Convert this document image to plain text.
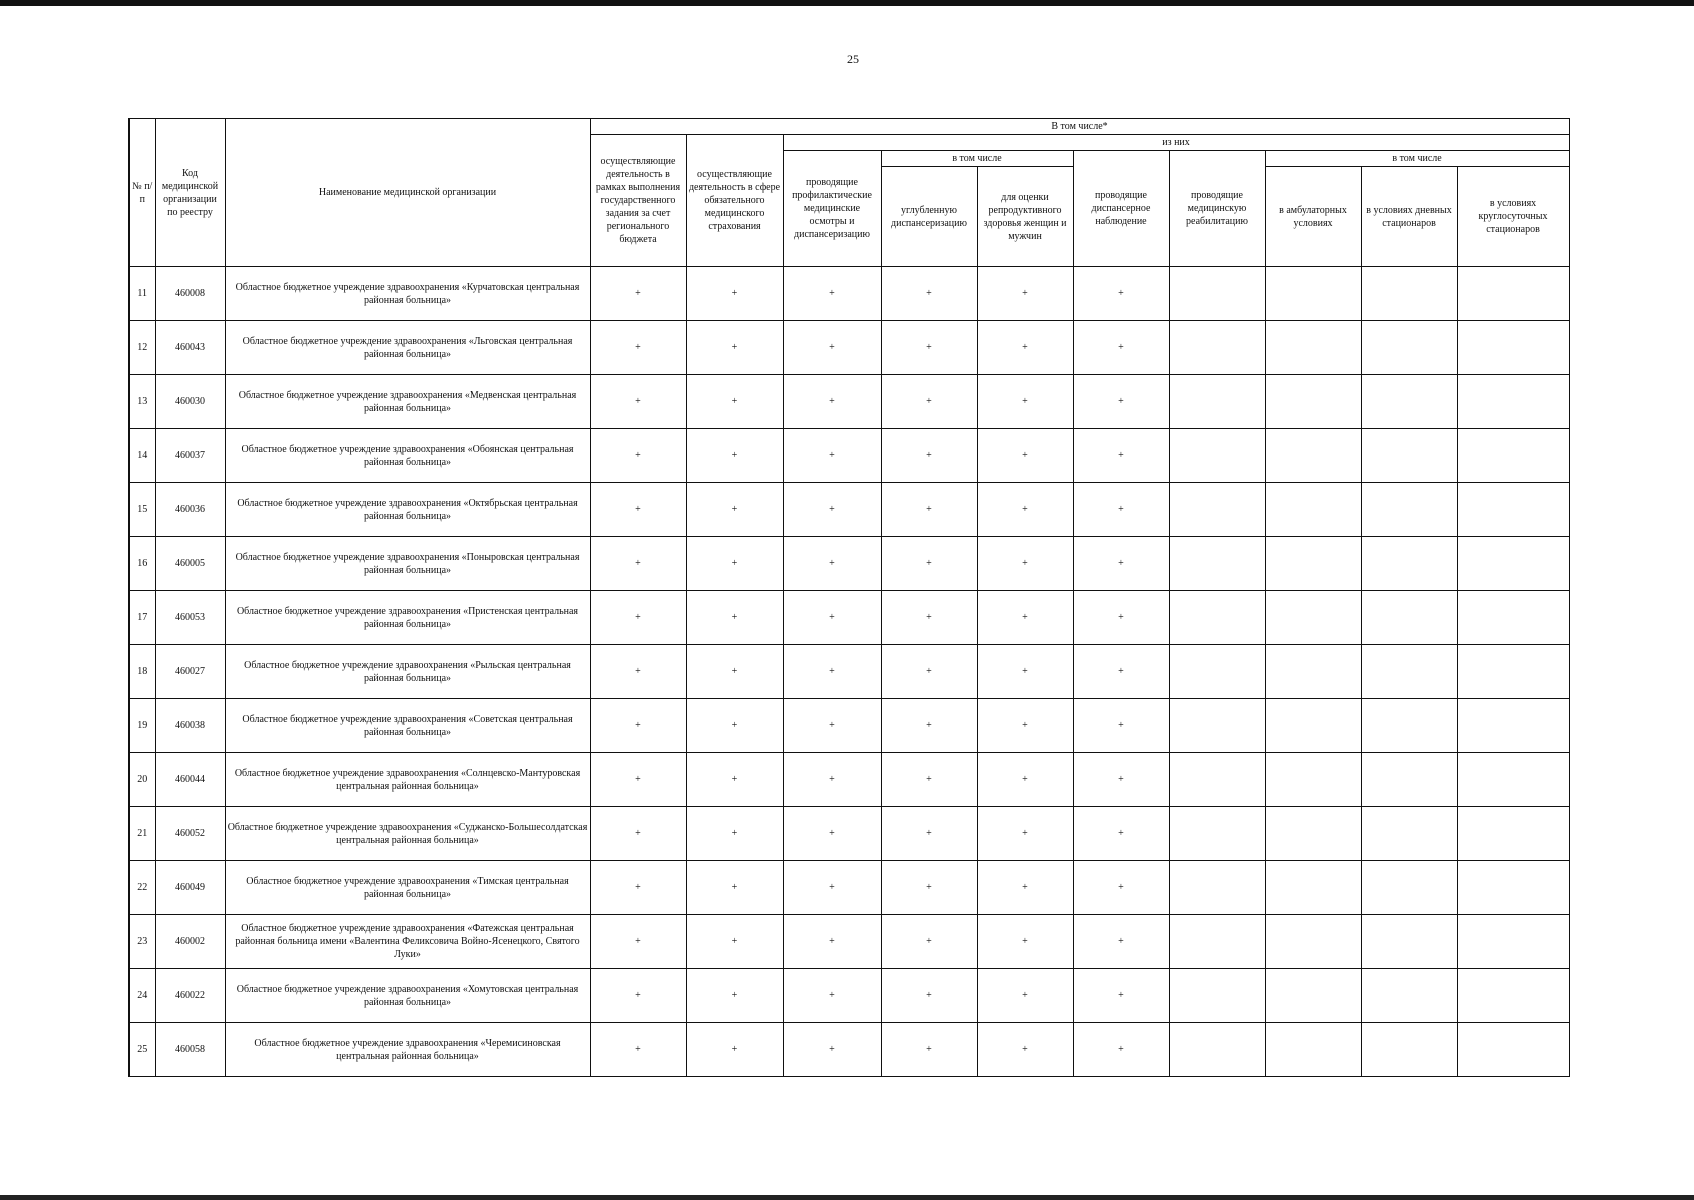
25
№ п/п	Код медицинской организации по реестру	Наименование медицинской организации	В том числе*									
			осуществляющие деятельность в рамках выполнения государственного задания за счет регионального бюджета	осуществляющие деятельность в сфере обязательного медицинского страхования	из них							
					проводящие профилактические медицинские осмотры и диспансеризацию	в том числе		проводящие диспансерное наблюдение	проводящие медицинскую реабилитацию	в том числе		
						углубленную диспансеризацию	для оценки репродуктивного здоровья женщин и мужчин			в амбулаторных условиях	в условиях дневных стационаров	в условиях круглосуточных стационаров
11	460008	Областное бюджетное учреждение здравоохранения «Курчатовская центральная районная больница»	+	+	+	+	+	+				
12	460043	Областное бюджетное учреждение здравоохранения «Льговская центральная районная больница»	+	+	+	+	+	+				
13	460030	Областное бюджетное учреждение здравоохранения «Медвенская центральная районная больница»	+	+	+	+	+	+				
14	460037	Областное бюджетное учреждение здравоохранения «Обоянская центральная районная больница»	+	+	+	+	+	+				
15	460036	Областное бюджетное учреждение здравоохранения «Октябрьская центральная районная больница»	+	+	+	+	+	+				
16	460005	Областное бюджетное учреждение здравоохранения «Поныровская центральная районная больница»	+	+	+	+	+	+				
17	460053	Областное бюджетное учреждение здравоохранения «Пристенская центральная районная больница»	+	+	+	+	+	+				
18	460027	Областное бюджетное учреждение здравоохранения «Рыльская центральная районная больница»	+	+	+	+	+	+				
19	460038	Областное бюджетное учреждение здравоохранения «Советская центральная районная больница»	+	+	+	+	+	+				
20	460044	Областное бюджетное учреждение здравоохранения «Солнцевско-Мантуровская центральная районная больница»	+	+	+	+	+	+				
21	460052	Областное бюджетное учреждение здравоохранения «Суджанско-Большесолдатская центральная районная больница»	+	+	+	+	+	+				
22	460049	Областное бюджетное учреждение здравоохранения «Тимская центральная районная больница»	+	+	+	+	+	+				
23	460002	Областное бюджетное учреждение здравоохранения «Фатежская центральная районная больница имени «Валентина Феликсовича Войно-Ясенецкого, Святого Луки»	+	+	+	+	+	+				
24	460022	Областное бюджетное учреждение здравоохранения «Хомутовская центральная районная больница»	+	+	+	+	+	+				
25	460058	Областное бюджетное учреждение здравоохранения «Черемисиновская центральная районная больница»	+	+	+	+	+	+				
